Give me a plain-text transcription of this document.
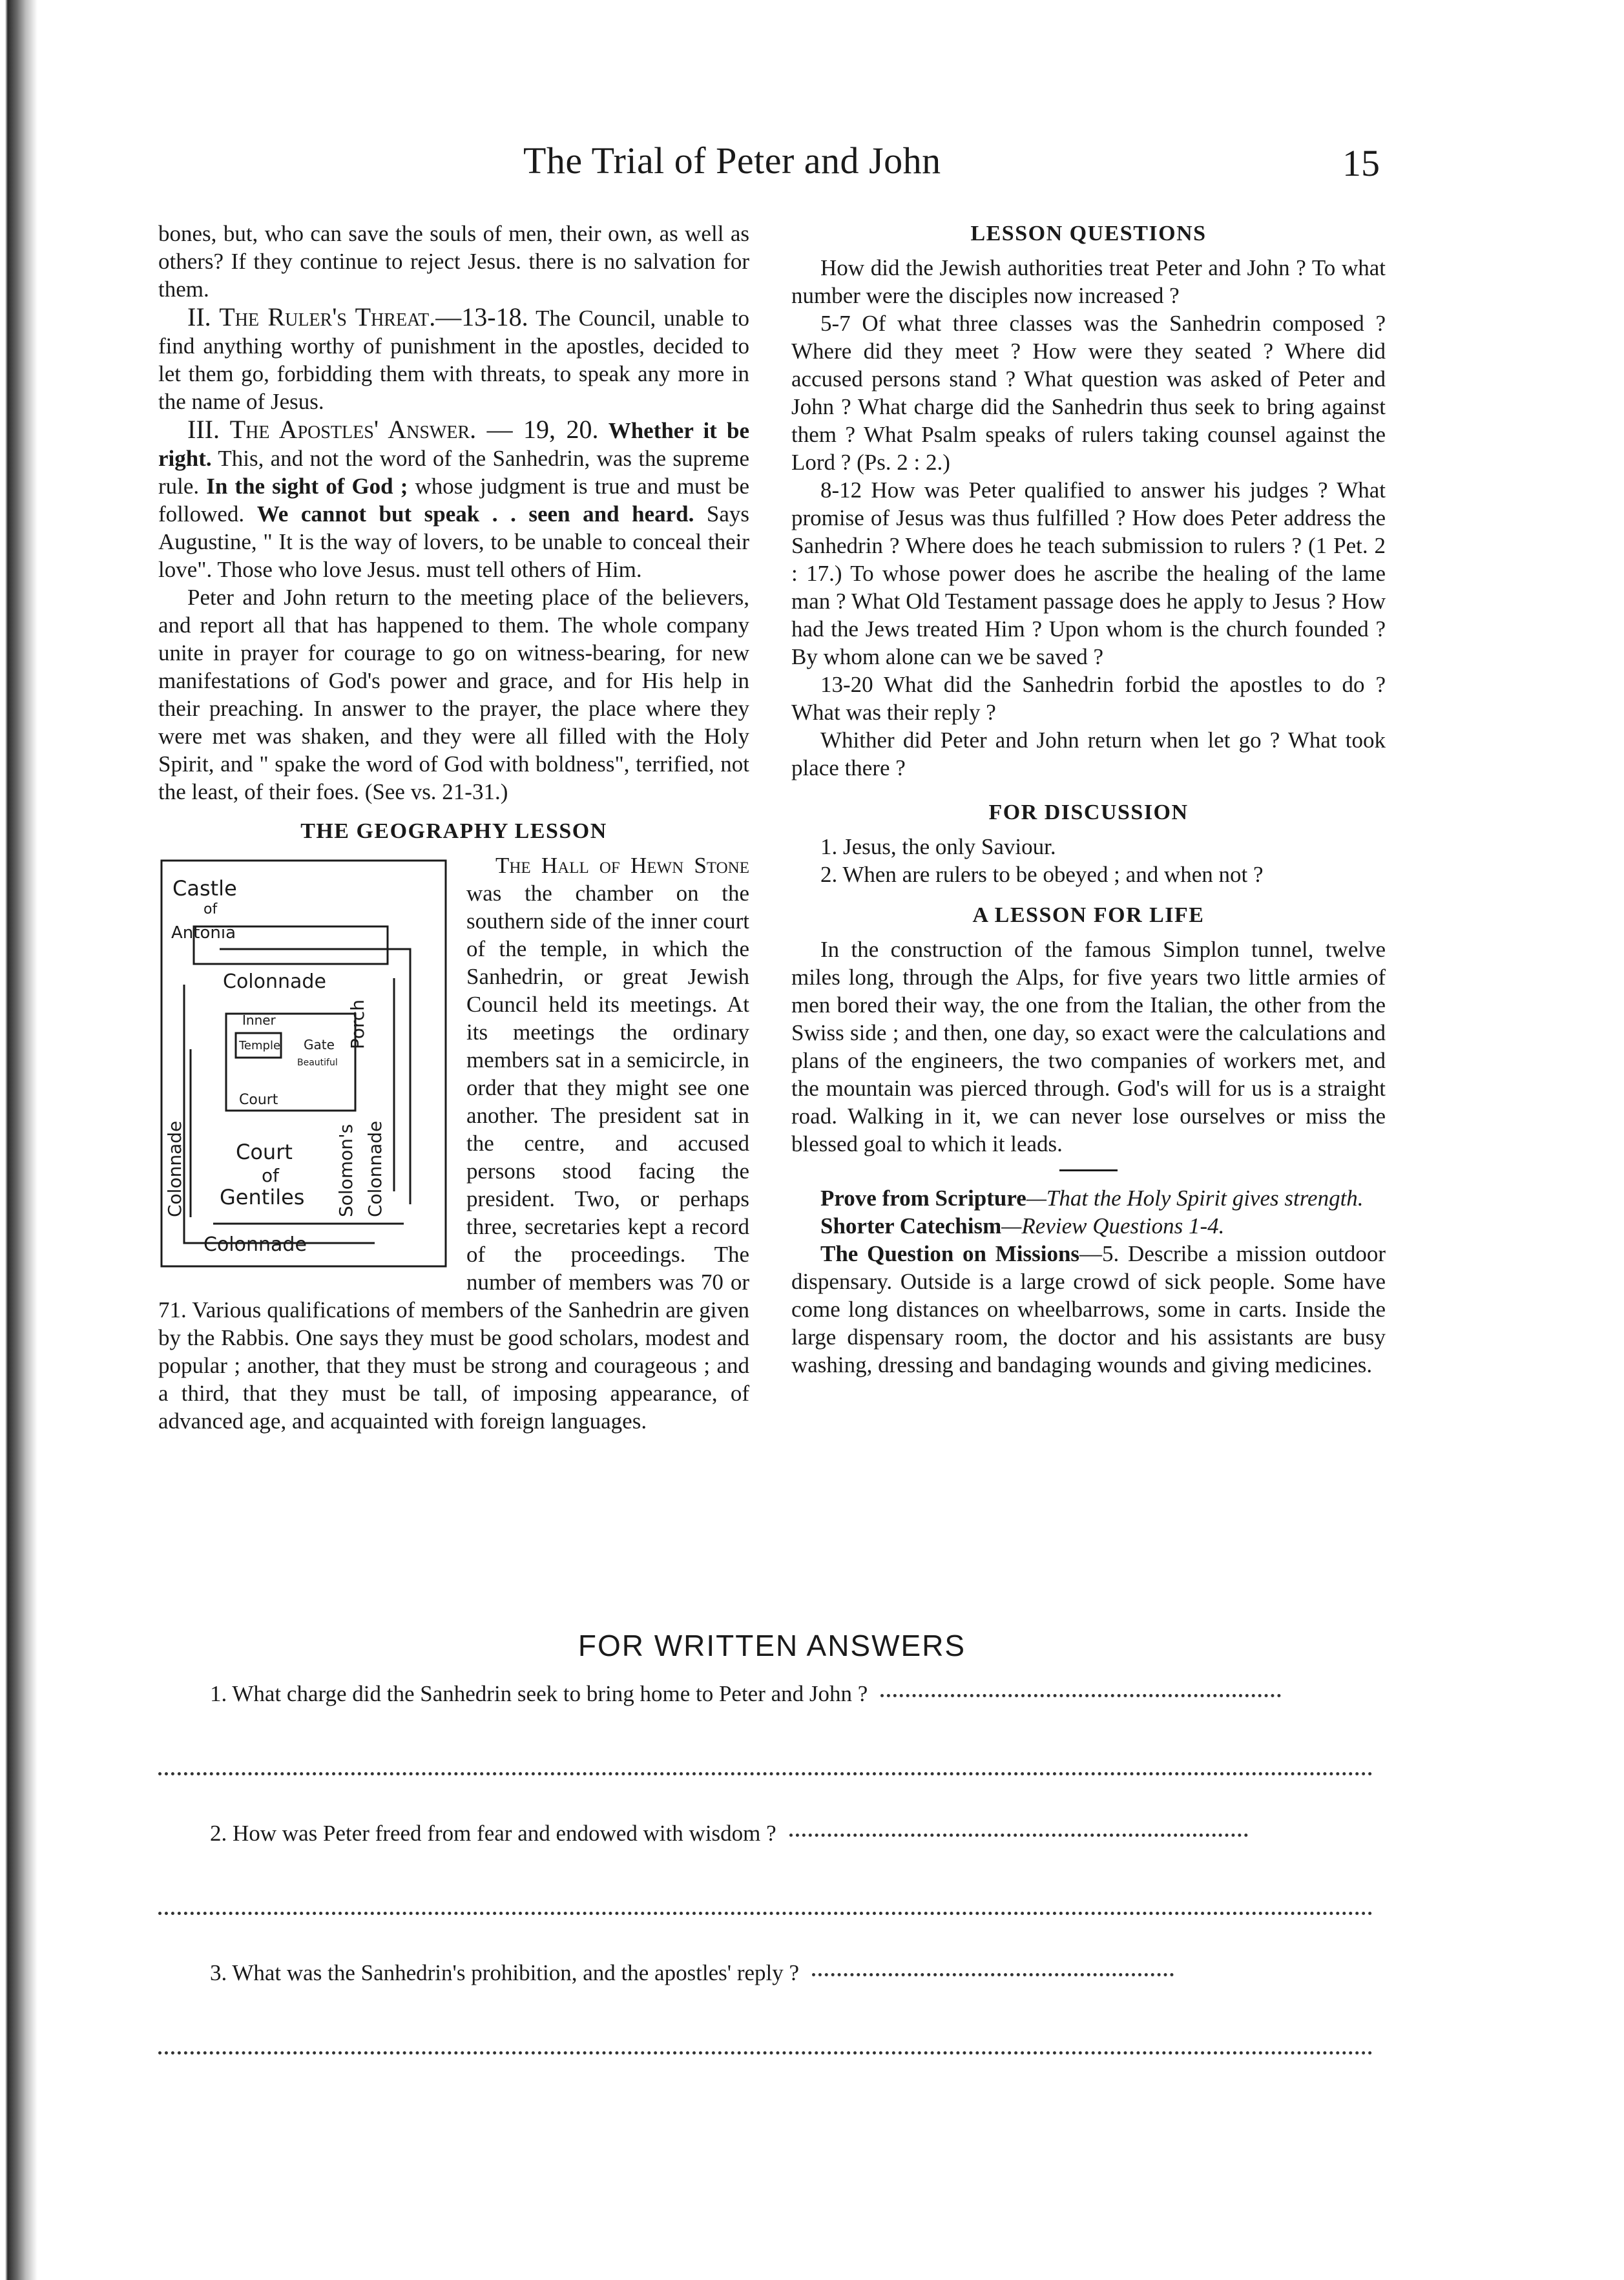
The Trial of Peter and John	15

bones, but, who can save the souls of men, their own, as well as others? If they continue to reject Jesus. there is no salvation for them.

II. The Ruler's Threat.—13-18. The Council, unable to find anything worthy of punishment in the apostles, decided to let them go, forbidding them with threats, to speak any more in the name of Jesus.

III. The Apostles' Answer. — 19, 20. Whether it be right. This, and not the word of the Sanhedrin, was the supreme rule. In the sight of God ; whose judgment is true and must be followed. We cannot but speak . . seen and heard. Says Augustine, " It is the way of lovers, to be unable to conceal their love". Those who love Jesus. must tell others of Him.

Peter and John return to the meeting place of the believers, and report all that has happened to them. The whole company unite in prayer for courage to go on witness-bearing, for new manifestations of God's power and grace, and for His help in their preaching. In answer to the prayer, the place where they were met was shaken, and they were all filled with the Holy Spirit, and " spake the word of God with boldness", terrified, not the least, of their foes. (See vs. 21-31.)

THE GEOGRAPHY LESSON
Castle
of
Antonia
Colonnade
Porch
Inner
Temple
Court
Gate
Beautiful
Court
of
Gentiles Solomon's Colonnade
Colonnade
Colonnade

The Hall of Hewn Stone was the chamber on the southern side of the inner court of the temple, in which the Sanhedrin, or great Jewish Council held its meetings. At its meetings the ordinary members sat in a semicircle, in order that they might see one another. The president sat in the centre, and accused persons stood facing the president. Two, or perhaps three, secretaries kept a record of the proceedings. The number of members was 70 or 71. Various qualifications of members of the Sanhedrin are given by the Rabbis. One says they must be good scholars, modest and popular ; another, that they must be strong and courageous ; and a third, that they must be tall, of imposing appearance, of advanced age, and acquainted with foreign languages.

LESSON QUESTIONS

How did the Jewish authorities treat Peter and John ? To what number were the disciples now increased ?

5-7 Of what three classes was the Sanhedrin composed ? Where did they meet ? How were they seated ? Where did accused persons stand ? What question was asked of Peter and John ? What charge did the Sanhedrin thus seek to bring against them ? What Psalm speaks of rulers taking counsel against the Lord ? (Ps. 2 : 2.)

8-12 How was Peter qualified to answer his judges ? What promise of Jesus was thus fulfilled ? How does Peter address the Sanhedrin ? Where does he teach submission to rulers ? (1 Pet. 2 : 17.) To whose power does he ascribe the healing of the lame man ? What Old Testament passage does he apply to Jesus ? How had the Jews treated Him ? Upon whom is the church founded ? By whom alone can we be saved ?

13-20 What did the Sanhedrin forbid the apostles to do ? What was their reply ?

Whither did Peter and John return when let go ? What took place there ?

FOR DISCUSSION

1. Jesus, the only Saviour.

2. When are rulers to be obeyed ; and when not ?

A LESSON FOR LIFE

In the construction of the famous Simplon tunnel, twelve miles long, through the Alps, for five years two little armies of men bored their way, the one from the Italian, the other from the Swiss side ; and then, one day, so exact were the calculations and plans of the engineers, the two companies of workers met, and the mountain was pierced through. God's will for us is a straight road. Walking in it, we can never lose ourselves or miss the blessed goal to which it leads.

Prove from Scripture—That the Holy Spirit gives strength.

Shorter Catechism—Review Questions 1-4.

The Question on Missions—5. Describe a mission outdoor dispensary. Outside is a large crowd of sick people. Some have come long distances on wheelbarrows, some in carts. Inside the large dispensary room, the doctor and his assistants are busy washing, dressing and bandaging wounds and giving medicines.

FOR WRITTEN ANSWERS
1. What charge did the Sanhedrin seek to bring home to Peter and John ?
2. How was Peter freed from fear and endowed with wisdom ?
3. What was the Sanhedrin's prohibition, and the apostles' reply ?
